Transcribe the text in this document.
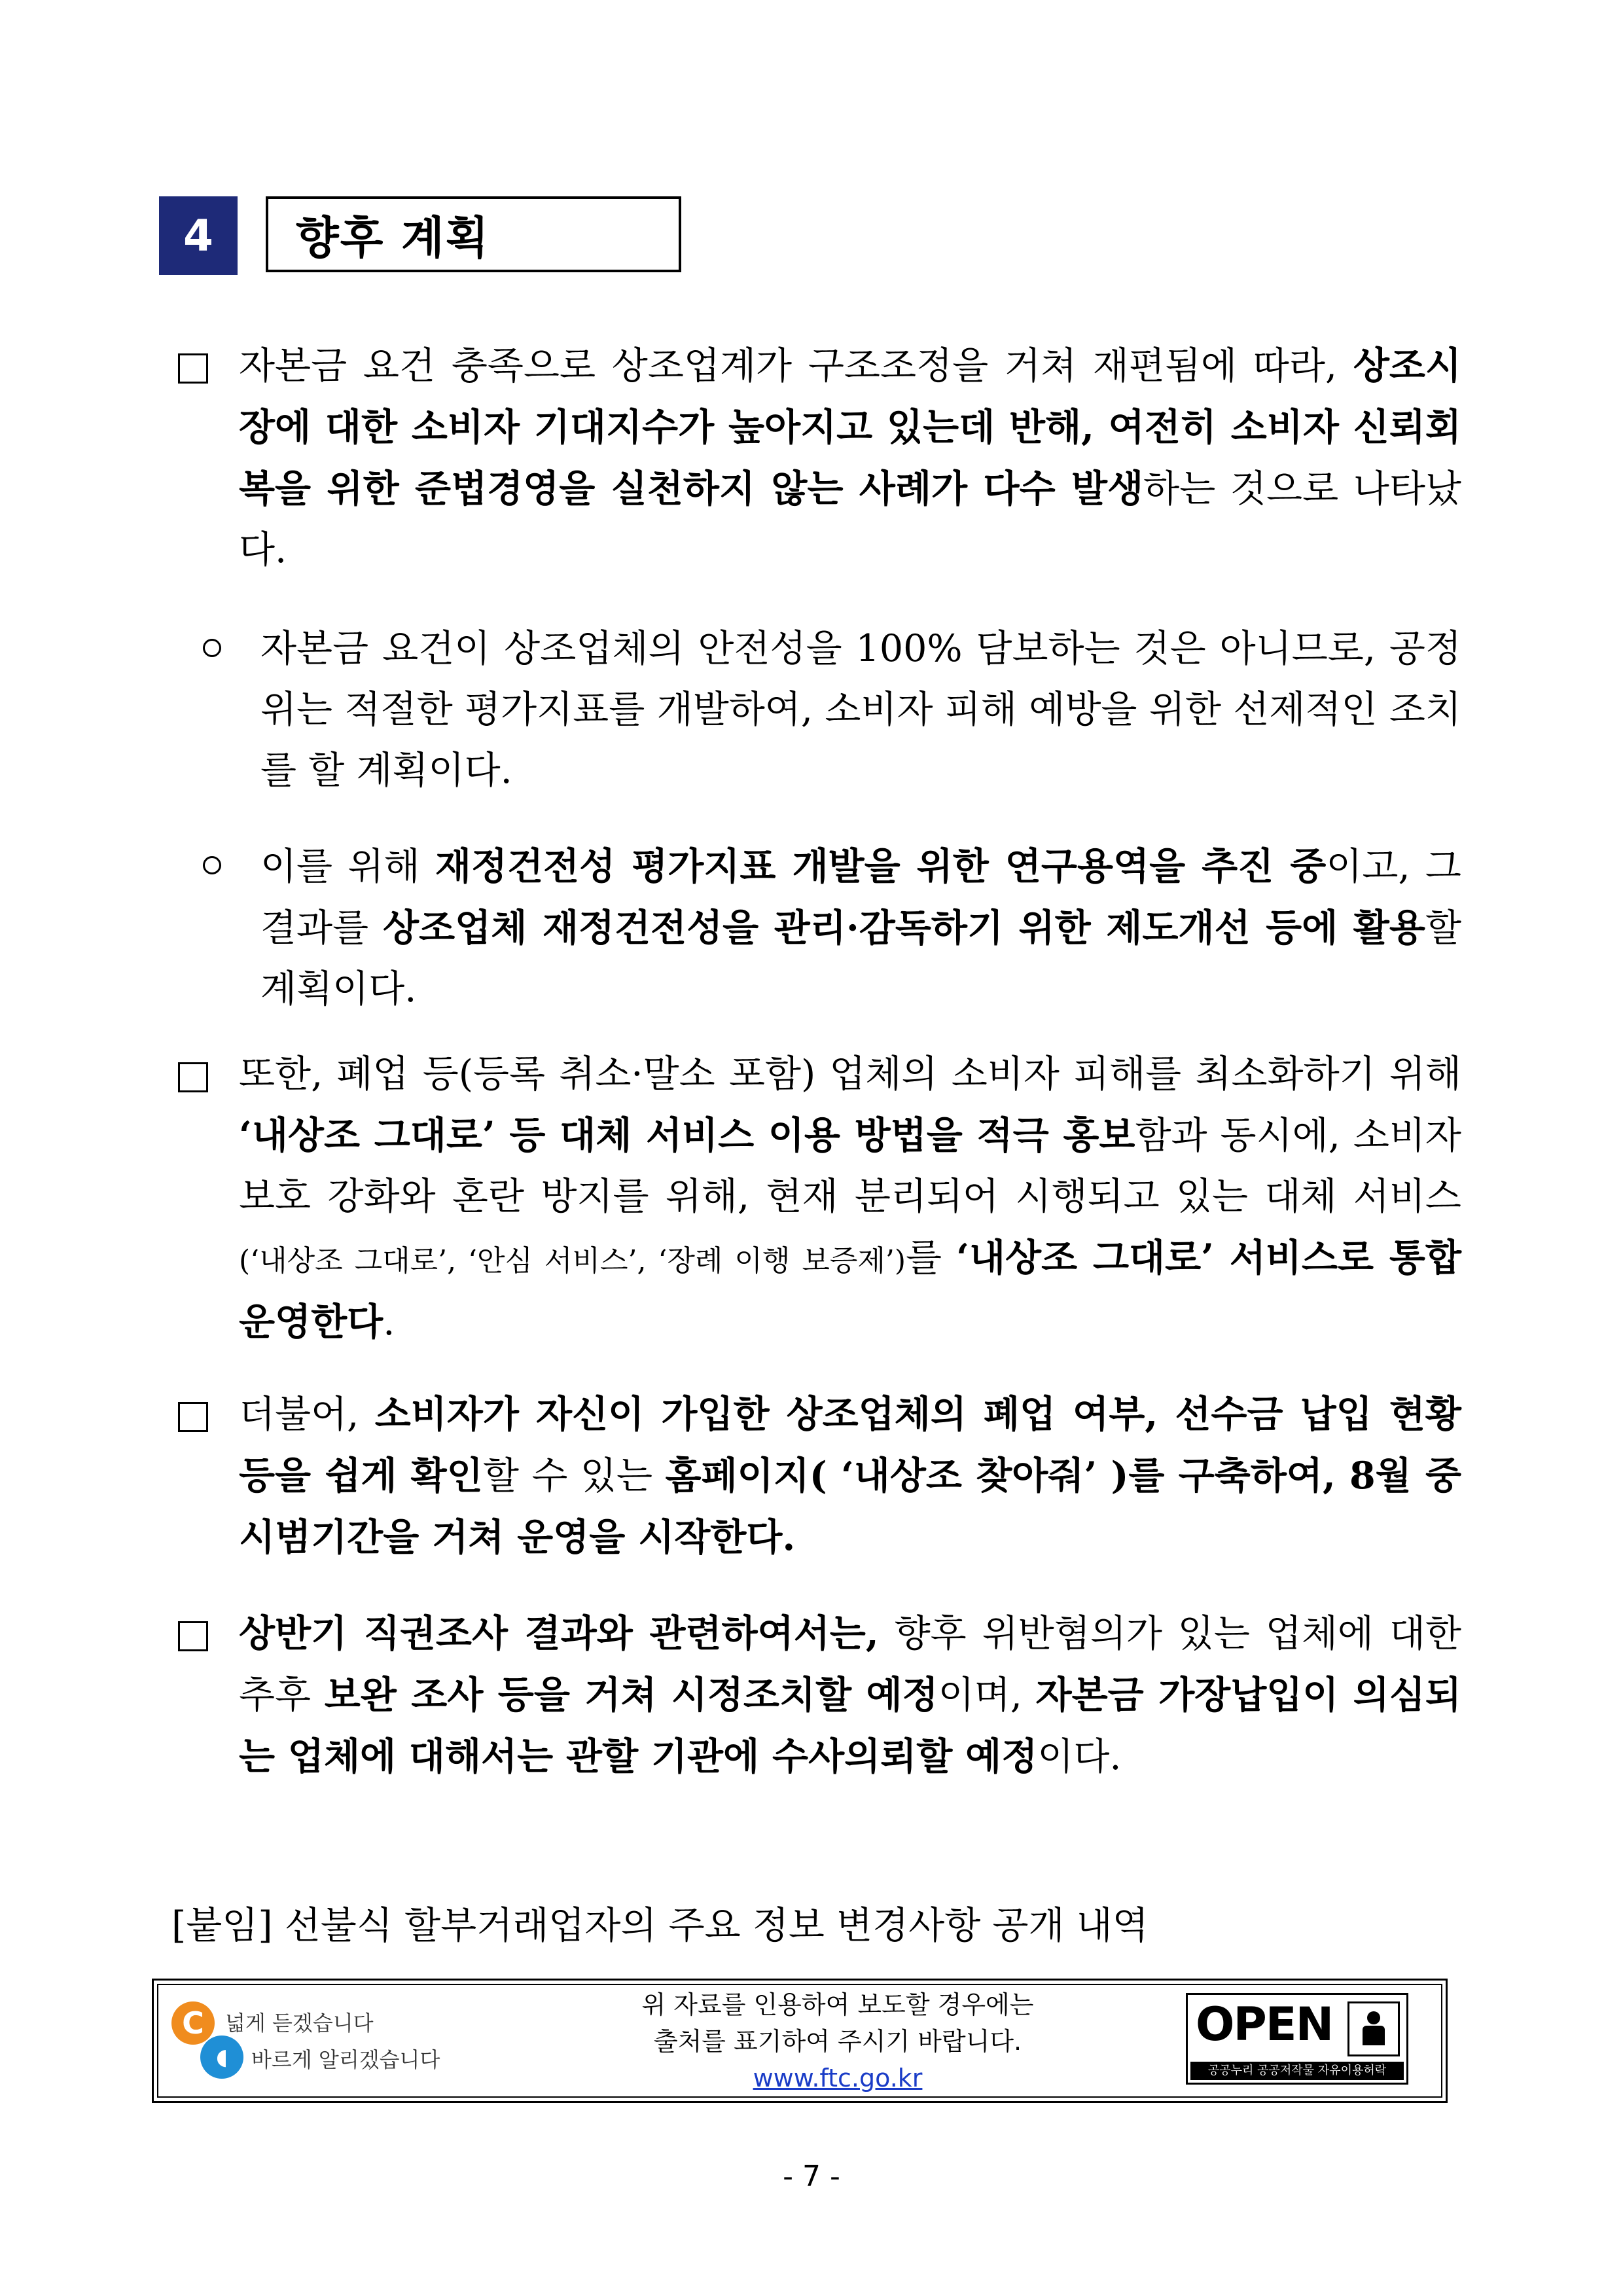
4	향후 계획
자본금 요건 충족으로 상조업계가 구조조정을 거쳐 재편됨에 따라, 상조시장에 대한 소비자 기대지수가 높아지고 있는데 반해, 여전히 소비자 신뢰회복을 위한 준법경영을 실천하지 않는 사례가 다수 발생하는 것으로 나타났다.
자본금 요건이 상조업체의 안전성을 100% 담보하는 것은 아니므로, 공정위는 적절한 평가지표를 개발하여, 소비자 피해 예방을 위한 선제적인 조치를 할 계획이다.
이를 위해 재정건전성 평가지표 개발을 위한 연구용역을 추진 중이고, 그 결과를 상조업체 재정건전성을 관리·감독하기 위한 제도개선 등에 활용할 계획이다.
또한, 폐업 등(등록 취소·말소 포함) 업체의 소비자 피해를 최소화하기 위해 ‘내상조 그대로’ 등 대체 서비스 이용 방법을 적극 홍보함과 동시에, 소비자 보호 강화와 혼란 방지를 위해, 현재 분리되어 시행되고 있는 대체 서비스(‘내상조 그대로’, ‘안심 서비스’, ‘장례 이행 보증제’)를 ‘내상조 그대로’ 서비스로 통합 운영한다.
더불어, 소비자가 자신이 가입한 상조업체의 폐업 여부, 선수금 납입 현황 등을 쉽게 확인할 수 있는 홈페이지( ‘내상조 찾아줘’ )를 구축하여, 8월 중 시범기간을 거쳐 운영을 시작한다.
상반기 직권조사 결과와 관련하여서는, 향후 위반혐의가 있는 업체에 대한 추후 보완 조사 등을 거쳐 시정조치할 예정이며, 자본금 가장납입이 의심되는 업체에 대해서는 관할 기관에 수사의뢰할 예정이다.
[붙임] 선불식 할부거래업자의 주요 정보 변경사항 공개 내역
C
◖
넓게 듣겠습니다
바르게 알리겠습니다
위 자료를 인용하여 보도할 경우에는
출처를 표기하여 주시기 바랍니다.
www.ftc.go.kr
OPEN
공공누리 공공저작물 자유이용허락
- 7 -
